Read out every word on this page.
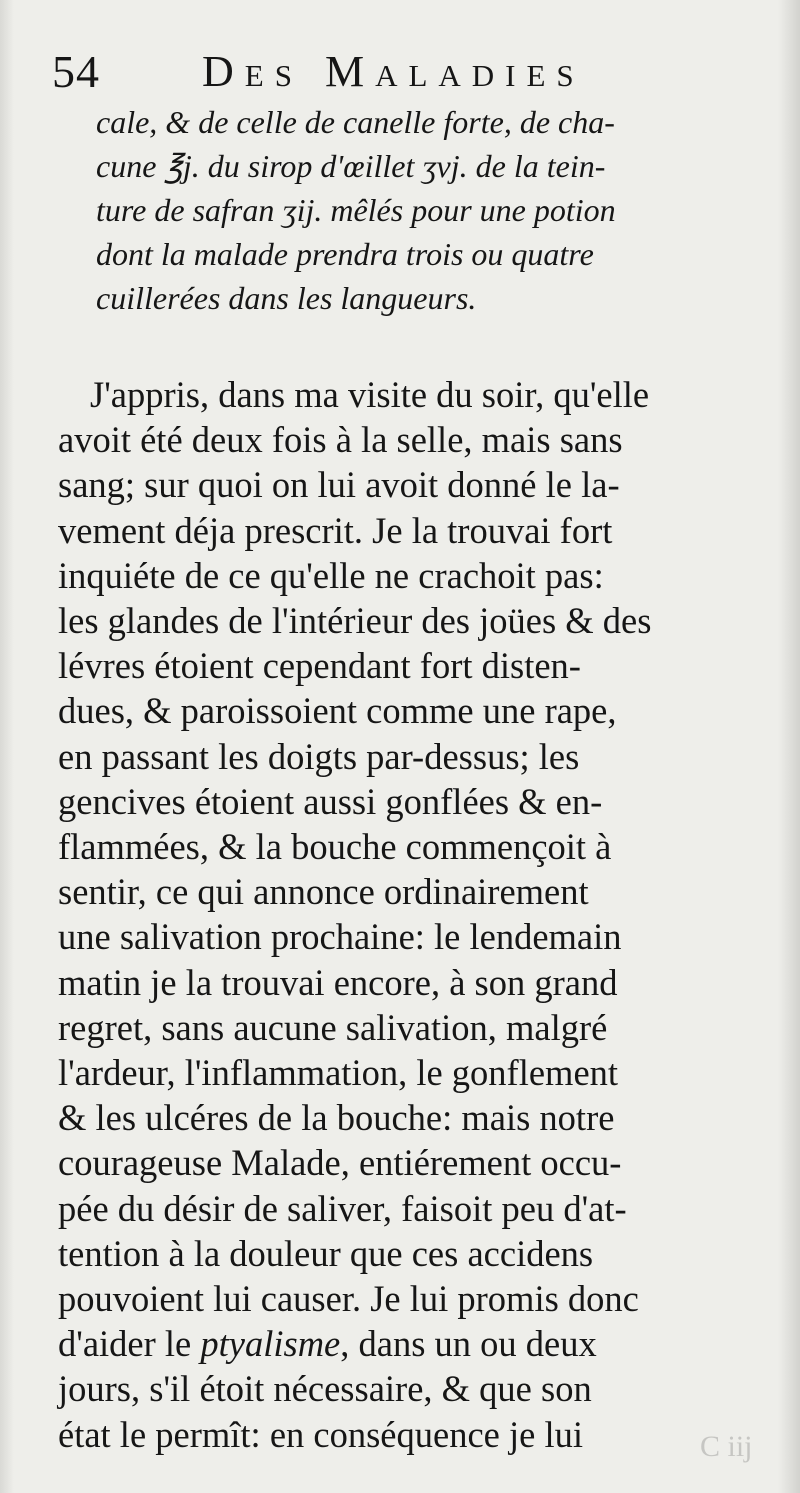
54 Des Maladies
cale, & de celle de canelle forte, de cha-
cune ℥j. du sirop d'œillet ʒvj. de la tein-
ture de safran ʒij. mêlés pour une potion
dont la malade prendra trois ou quatre
cuillerées dans les langueurs.
J'appris, dans ma visite du soir, qu'elle
avoit été deux fois à la selle, mais sans
sang; sur quoi on lui avoit donné le la-
vement déja prescrit. Je la trouvai fort
inquiéte de ce qu'elle ne crachoit pas:
les glandes de l'intérieur des joües & des
lévres étoient cependant fort disten-
dues, & paroissoient comme une rape,
en passant les doigts par-dessus; les
gencives étoient aussi gonflées & en-
flammées, & la bouche commençoit à
sentir, ce qui annonce ordinairement
une salivation prochaine: le lendemain
matin je la trouvai encore, à son grand
regret, sans aucune salivation, malgré
l'ardeur, l'inflammation, le gonflement
& les ulcéres de la bouche: mais notre
courageuse Malade, entiérement occu-
pée du désir de saliver, faisoit peu d'at-
tention à la douleur que ces accidens
pouvoient lui causer. Je lui promis donc
d'aider le ptyalisme, dans un ou deux
jours, s'il étoit nécessaire, & que son
état le permît: en conséquence je lui	C iij
